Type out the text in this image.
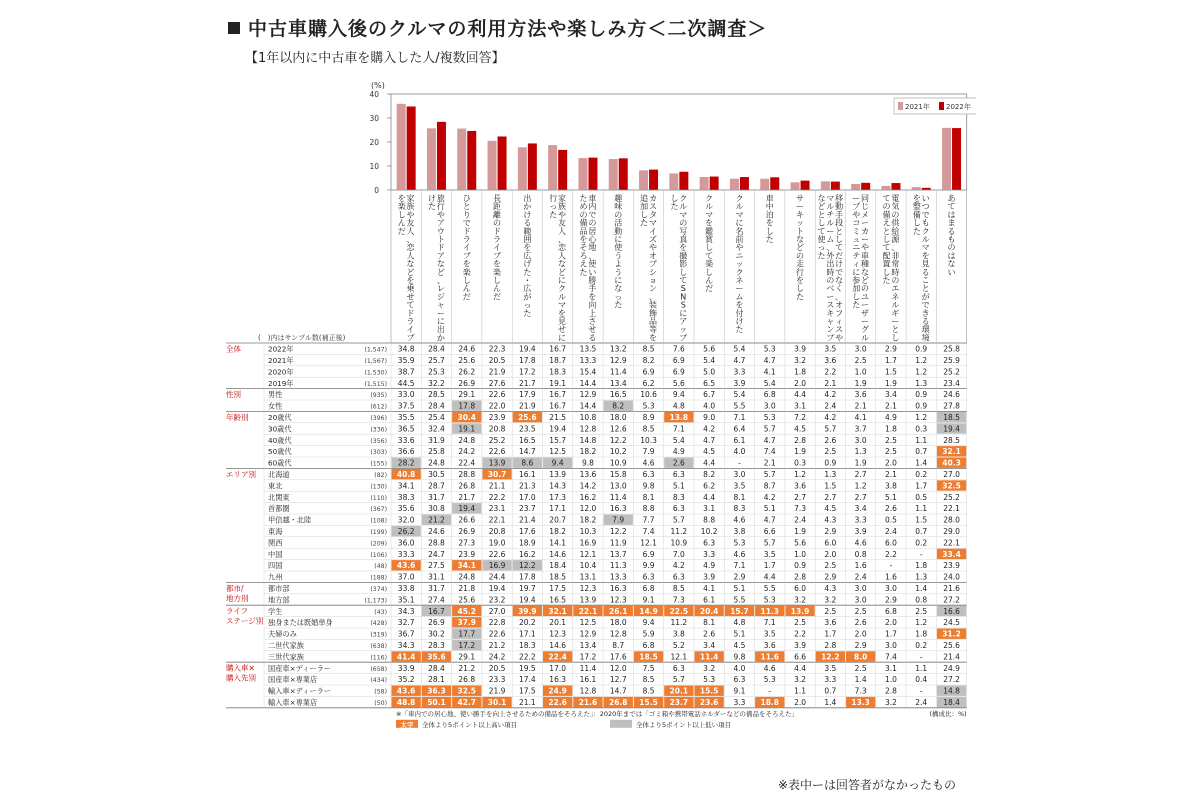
中古車購入後のクルマの利用方法や楽しみ方＜二次調査＞
【1年以内に中古車を購入した人/複数回答】
(%)
0
10
20
30
40
2021年 2022年
家族や友人、恋人などを乗せてドライブを楽しんだ
旅行やアウトドアなど、レジャーに出かけた
ひとりでドライブを楽しんだ
長距離のドライブを楽しんだ
出かける範囲を広げた・広がった
家族や友人、恋人などにクルマを見せに行った
車内での居心地、使い勝手を向上させるための備品をそろえた
趣味の活動に使うようになった
カスタマイズやオプション、装飾品等を追加した
クルマの写真を撮影して S N S にアップした
クルマを鑑賞して楽しんだ
クルマに名前やニックネームを付けた
車中泊をした
サーキットなどの走行をした
移動手段としてだけでなく、オフィスやマルチルーム、外出時のベースキャンプなどとして使った
同じメーカーや車種などのユーザーグループやコミュニティに参加した
電気の供給源、非常時のエネルギーとしての備えとして配置した
いつでもクルマを見ることができる環境を整備した
あてはまるものはない
(　)内はサンプル数(補正後)
2022年	(1,547) 34.8 28.4 24.6 22.3 19.4 16.7 13.5 13.2 8.5 7.6 5.6 5.4 5.3 3.9 3.5 3.0 2.9 0.9 25.8
2021年	(1,567) 35.9 25.7 25.6 20.5 17.8 18.7 13.3 12.9 8.2 6.9 5.4 4.7 4.7 3.2 3.6 2.5 1.7 1.2 25.9
2020年	(1,530) 38.7 25.3 26.2 21.9 17.2 18.3 15.4 11.4 6.9 6.9 5.0 3.3 4.1 1.8 2.2 1.0 1.5 1.2 25.2
2019年	(1,515) 44.5 32.2 26.9 27.6 21.7 19.1 14.4 13.4 6.2 5.6 6.5 3.9 5.4 2.0 2.1 1.9 1.9 1.3 23.4
全体
男性	(935) 33.0 28.5 29.1 22.6 17.9 16.7 12.9 16.5 10.6 9.4 6.7 5.4 6.8 4.4 4.2 3.6 3.4 0.9 24.6
女性	(612) 37.5 28.4 17.8 22.0 21.9 16.7 14.4 8.2 5.3 4.8 4.0 5.5 3.0 3.1 2.4 2.1 2.1 0.9 27.8
性別
20歳代	(396) 35.5 25.4 30.4 23.9 25.6 21.5 10.8 18.0 8.9 13.8 9.0 7.1 5.3 7.2 4.2 4.1 4.9 1.2 18.5
30歳代	(336) 36.5 32.4 19.1 20.8 23.5 19.4 12.8 12.6 8.5 7.1 4.2 6.4 5.7 4.5 5.7 3.7 1.8 0.3 19.4
40歳代	(356) 33.6 31.9 24.8 25.2 16.5 15.7 14.8 12.2 10.3 5.4 4.7 6.1 4.7 2.8 2.6 3.0 2.5 1.1 28.5
50歳代	(303) 36.6 25.8 24.2 22.6 14.7 12.5 18.2 10.2 7.9 4.9 4.5 4.0 7.4 1.9 2.5 1.3 2.5 0.7 32.1
60歳代	(155) 28.2 24.8 22.4 13.9 8.6 9.4 9.8 10.9 4.6 2.6 4.4	-	2.1 0.3 0.9 1.9 2.0 1.4 40.3
年齢別
北海道	(82) 40.8 30.5 28.8 30.7 16.1 13.9 13.6 15.8 6.3 6.3 8.2 3.0 5.7 1.2 1.3 2.7 2.1 0.2 27.0
東北	(130) 34.1 28.7 26.8 21.1 21.3 14.3 14.2 13.0 9.8 5.1 6.2 3.5 8.7 3.6 1.5 1.2 3.8 1.7 32.5
北関東	(110) 38.3 31.7 21.7 22.2 17.0 17.3 16.2 11.4 8.1 8.3 4.4 8.1 4.2 2.7 2.7 2.7 5.1 0.5 25.2
首都圏	(367) 35.6 30.8 19.4 23.1 23.7 17.1 12.0 16.3 8.8 6.3 3.1 8.3 5.1 7.3 4.5 3.4 2.6 1.1 22.1
甲信越・北陸	(108) 32.0 21.2 26.6 22.1 21.4 20.7 18.2 7.9 7.7 5.7 8.8 4.6 4.7 2.4 4.3 3.3 0.5 1.5 28.0
東海	(199) 26.2 24.6 26.9 20.8 17.6 18.2 10.3 12.2 7.4 11.2 10.2 3.8 6.6 1.9 2.9 3.9 2.4 0.7 29.0
関西	(209) 36.0 28.8 27.3 19.0 18.9 14.1 16.9 11.9 12.1 10.9 6.3 5.3 5.7 5.6 6.0 4.6 6.0 0.2 22.1
中国	(106) 33.3 24.7 23.9 22.6 16.2 14.6 12.1 13.7 6.9 7.0 3.3 4.6 3.5 1.0 2.0 0.8 2.2	-	33.4
四国	(48) 43.6 27.5 34.1 16.9 12.2 18.4 10.4 11.3 9.9 4.2 4.9 7.1 1.7 0.9 2.5 1.6	-	1.8 23.9
九州	(188) 37.0 31.1 24.8 24.4 17.8 18.5 13.1 13.3 6.3 6.3 3.9 2.9 4.4 2.8 2.9 2.4 1.6 1.3 24.0
エリア別
都市部	(374) 33.8 31.7 21.8 19.4 19.7 17.5 12.3 16.3 6.8 8.5 4.1 5.1 5.5 6.0 4.3 3.0 3.0 1.4 21.6
地方部	(1,173) 35.1 27.4 25.6 23.2 19.4 16.5 13.9 12.3 9.1 7.3 6.1 5.5 5.3 3.2 3.2 3.0 2.9 0.8 27.2
都市/
地方別
学生	(43) 34.3 16.7 45.2 27.0 39.9 32.1 22.1 26.1 14.9 22.5 20.4 15.7 11.3 13.9 2.5 2.5 6.8 2.5 16.6
独身または既婚単身	(428) 32.7 26.9 37.9 22.8 20.2 20.1 12.5 18.0 9.4 11.2 8.1 4.8 7.1 2.5 3.6 2.6 2.0 1.2 24.5
夫婦のみ	(319) 36.7 30.2 17.7 22.6 17.1 12.3 12.9 12.8 5.9 3.8 2.6 5.1 3.5 2.2 1.7 2.0 1.7 1.8 31.2
二世代家族	(638) 34.3 28.3 17.2 21.2 18.3 14.6 13.4 8.7 6.8 5.2 3.4 4.5 3.6 3.9 2.8 2.9 3.0 0.2 25.6
三世代家族	(116) 41.4 35.6 29.1 24.2 22.2 22.4 17.2 17.6 18.5 12.1 11.4 9.8 11.6 6.6 12.2 8.0 7.4	-	21.4
ライフ
ステージ別
国産車×ディーラー	(658) 33.9 28.4 21.2 20.5 19.5 17.0 11.4 12.0 7.5 6.3 3.2 4.0 4.6 4.4 3.5 2.5 3.1 1.1 24.9
国産車×専業店	(434) 35.2 28.1 26.8 23.3 17.4 16.3 16.1 12.7 8.5 5.7 5.3 6.3 5.3 3.2 3.3 1.4 1.0 0.4 27.2
輸入車×ディーラー	(58) 43.6 36.3 32.5 21.9 17.5 24.9 12.8 14.7 8.5 20.1 15.5 9.1	-	1.1 0.7 7.3 2.8	-	14.8
輸入車×専業店	(50) 48.8 50.1 42.7 30.1 21.1 22.6 21.6 26.8 15.5 23.7 23.6 3.3 18.8 2.0 1.4 13.3 3.2 2.4 18.4
購入車×
購入先別
※「車内での居心地、使い勝手を向上させるための備品をそろえた」：2020年までは「ゴミ箱や携帯電話ホルダーなどの備品をそろえた」	(構成比：%)
太字 全体より5ポイント以上高い項目	全体より5ポイント以上低い項目
※表中ーは回答者がなかったもの
